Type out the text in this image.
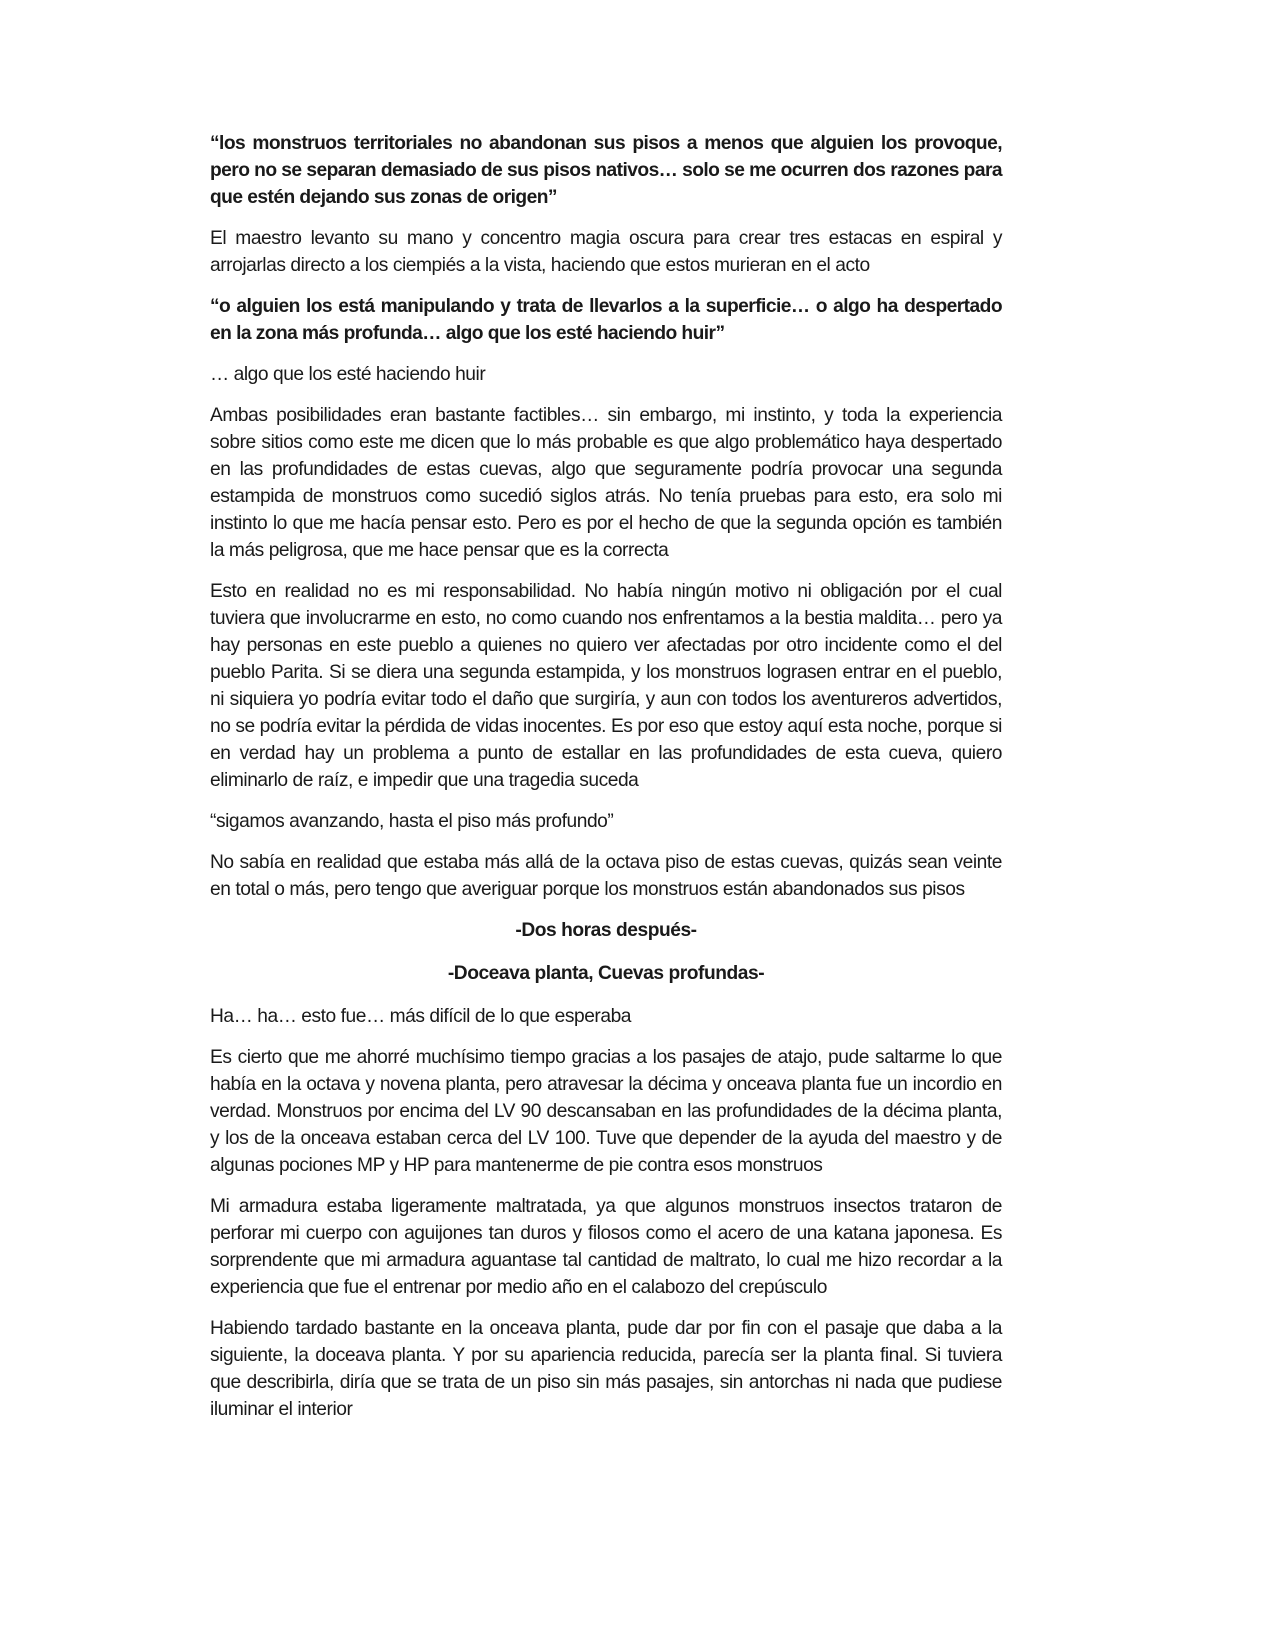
“los monstruos territoriales no abandonan sus pisos a menos que alguien los provoque, pero no se separan demasiado de sus pisos nativos… solo se me ocurren dos razones para que estén dejando sus zonas de origen”

El maestro levanto su mano y concentro magia oscura para crear tres estacas en espiral y arrojarlas directo a los ciempiés a la vista, haciendo que estos murieran en el acto

“o alguien los está manipulando y trata de llevarlos a la superficie… o algo ha despertado en la zona más profunda… algo que los esté haciendo huir”

… algo que los esté haciendo huir

Ambas posibilidades eran bastante factibles… sin embargo, mi instinto, y toda la experiencia sobre sitios como este me dicen que lo más probable es que algo problemático haya despertado en las profundidades de estas cuevas, algo que seguramente podría provocar una segunda estampida de monstruos como sucedió siglos atrás. No tenía pruebas para esto, era solo mi instinto lo que me hacía pensar esto. Pero es por el hecho de que la segunda opción es también la más peligrosa, que me hace pensar que es la correcta

Esto en realidad no es mi responsabilidad. No había ningún motivo ni obligación por el cual tuviera que involucrarme en esto, no como cuando nos enfrentamos a la bestia maldita… pero ya hay personas en este pueblo a quienes no quiero ver afectadas por otro incidente como el del pueblo Parita. Si se diera una segunda estampida, y los monstruos lograsen entrar en el pueblo, ni siquiera yo podría evitar todo el daño que surgiría, y aun con todos los aventureros advertidos, no se podría evitar la pérdida de vidas inocentes. Es por eso que estoy aquí esta noche, porque si en verdad hay un problema a punto de estallar en las profundidades de esta cueva, quiero eliminarlo de raíz, e impedir que una tragedia suceda

“sigamos avanzando, hasta el piso más profundo”

No sabía en realidad que estaba más allá de la octava piso de estas cuevas, quizás sean veinte en total o más, pero tengo que averiguar porque los monstruos están abandonados sus pisos

-Dos horas después-

-Doceava planta, Cuevas profundas-

Ha… ha… esto fue… más difícil de lo que esperaba

Es cierto que me ahorré muchísimo tiempo gracias a los pasajes de atajo, pude saltarme lo que había en la octava y novena planta, pero atravesar la décima y onceava planta fue un incordio en verdad. Monstruos por encima del LV 90 descansaban en las profundidades de la décima planta, y los de la onceava estaban cerca del LV 100. Tuve que depender de la ayuda del maestro y de algunas pociones MP y HP para mantenerme de pie contra esos monstruos

Mi armadura estaba ligeramente maltratada, ya que algunos monstruos insectos trataron de perforar mi cuerpo con aguijones tan duros y filosos como el acero de una katana japonesa. Es sorprendente que mi armadura aguantase tal cantidad de maltrato, lo cual me hizo recordar a la experiencia que fue el entrenar por medio año en el calabozo del crepúsculo

Habiendo tardado bastante en la onceava planta, pude dar por fin con el pasaje que daba a la siguiente, la doceava planta. Y por su apariencia reducida, parecía ser la planta final. Si tuviera que describirla, diría que se trata de un piso sin más pasajes, sin antorchas ni nada que pudiese iluminar el interior
